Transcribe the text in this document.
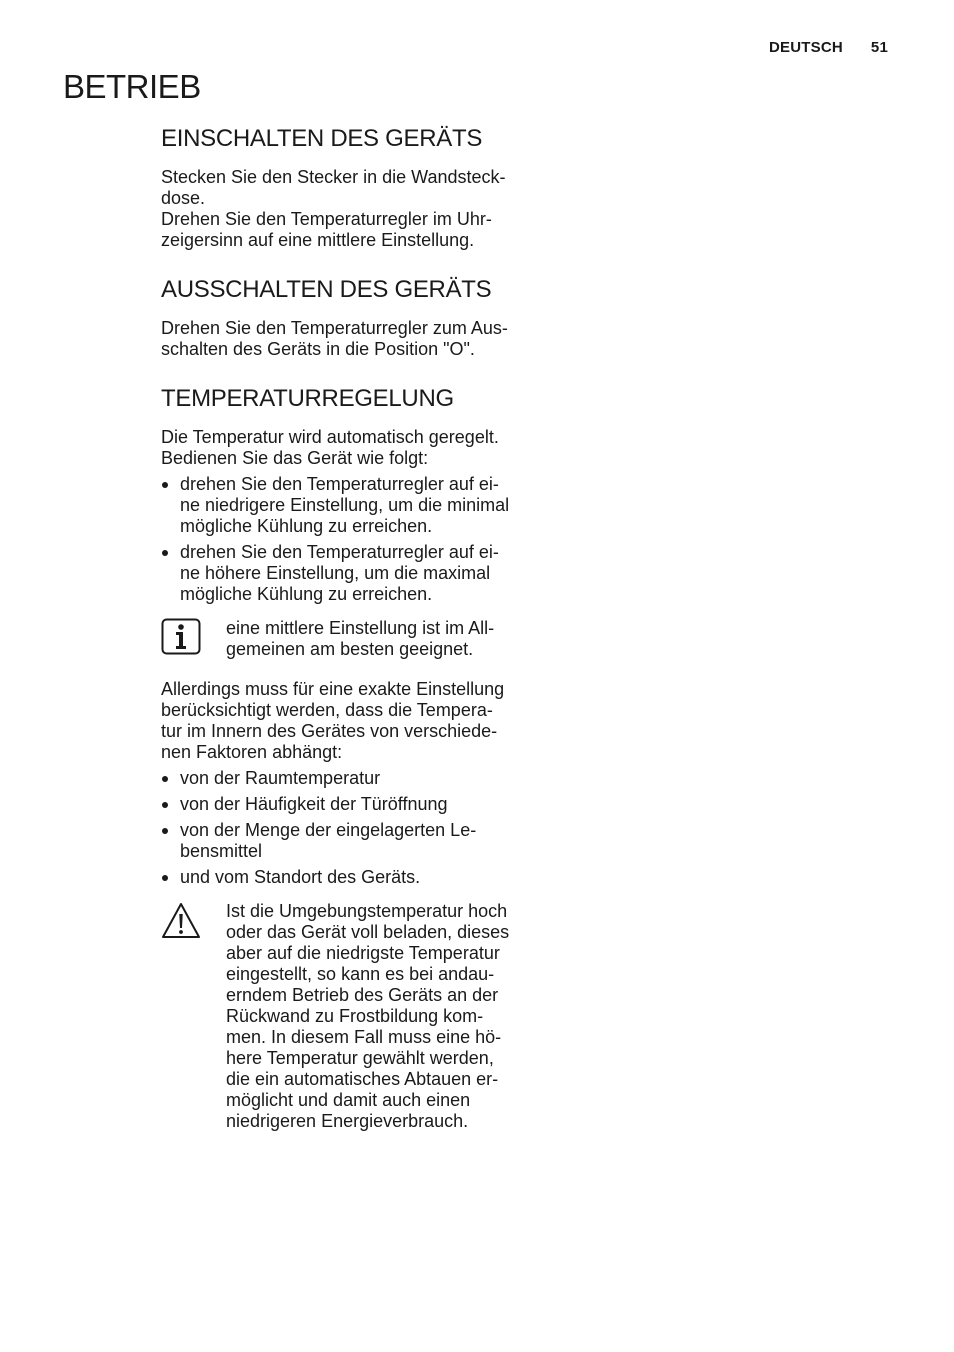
DEUTSCH 51
BETRIEB
EINSCHALTEN DES GERÄTS

Stecken Sie den Stecker in die Wandsteck-
dose.
Drehen Sie den Temperaturregler im Uhr-
zeigersinn auf eine mittlere Einstellung.

AUSSCHALTEN DES GERÄTS

Drehen Sie den Temperaturregler zum Aus-
schalten des Geräts in die Position "O".

TEMPERATURREGELUNG

Die Temperatur wird automatisch geregelt.
Bedienen Sie das Gerät wie folgt:

drehen Sie den Temperaturregler auf ei-
ne niedrigere Einstellung, um die minimal
mögliche Kühlung zu erreichen.
drehen Sie den Temperaturregler auf ei-
ne höhere Einstellung, um die maximal
mögliche Kühlung zu erreichen.

eine mittlere Einstellung ist im All-
gemeinen am besten geeignet.

Allerdings muss für eine exakte Einstellung
berücksichtigt werden, dass die Tempera-
tur im Innern des Gerätes von verschiede-
nen Faktoren abhängt:

von der Raumtemperatur
von der Häufigkeit der Türöffnung
von der Menge der eingelagerten Le-
bensmittel
und vom Standort des Geräts.

Ist die Umgebungstemperatur hoch
oder das Gerät voll beladen, dieses
aber auf die niedrigste Temperatur
eingestellt, so kann es bei andau-
erndem Betrieb des Geräts an der
Rückwand zu Frostbildung kom-
men. In diesem Fall muss eine hö-
here Temperatur gewählt werden,
die ein automatisches Abtauen er-
möglicht und damit auch einen
niedrigeren Energieverbrauch.
